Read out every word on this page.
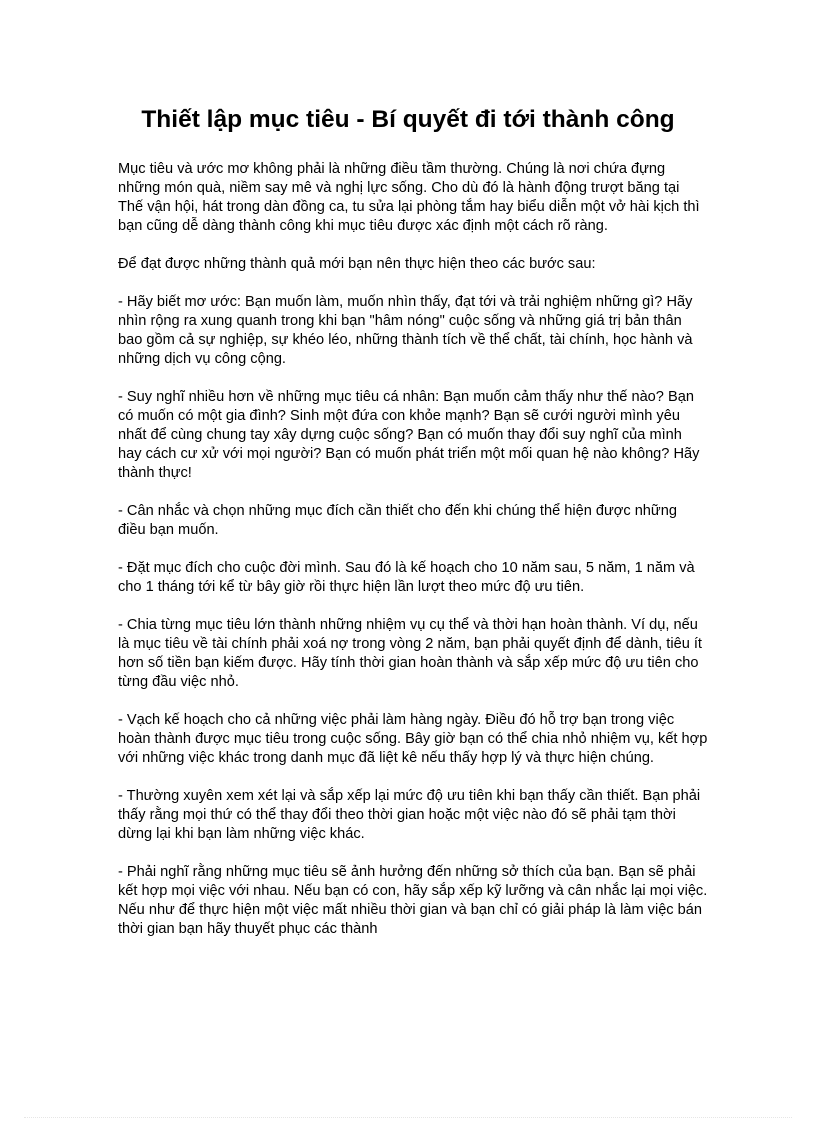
Thiết lập mục tiêu - Bí quyết đi tới thành công

Mục tiêu và ước mơ không phải là những điều tầm thường. Chúng là nơi chứa đựng những món quà, niềm say mê và nghị lực sống. Cho dù đó là hành động trượt băng tại Thế vận hội, hát trong dàn đồng ca, tu sửa lại phòng tắm hay biểu diễn một vở hài kịch thì bạn cũng dễ dàng thành công khi mục tiêu được xác định một cách rõ ràng.

Để đạt được những thành quả mới bạn nên thực hiện theo các bước sau:

- Hãy biết mơ ước: Bạn muốn làm, muốn nhìn thấy, đạt tới và trải nghiệm những gì? Hãy nhìn rộng ra xung quanh trong khi bạn "hâm nóng" cuộc sống và những giá trị bản thân bao gồm cả sự nghiệp, sự khéo léo, những thành tích về thể chất, tài chính, học hành và những dịch vụ công cộng.

- Suy nghĩ nhiều hơn về những mục tiêu cá nhân: Bạn muốn cảm thấy như thế nào? Bạn có muốn có một gia đình? Sinh một đứa con khỏe mạnh? Bạn sẽ cưới người mình yêu nhất để cùng chung tay xây dựng cuộc sống? Bạn có muốn thay đổi suy nghĩ của mình hay cách cư xử với mọi người? Bạn có muốn phát triển một mối quan hệ nào không? Hãy thành thực!

- Cân nhắc và chọn những mục đích cần thiết cho đến khi chúng thể hiện được những điều bạn muốn.

- Đặt mục đích cho cuộc đời mình. Sau đó là kế hoạch cho 10 năm sau, 5 năm, 1 năm và cho 1 tháng tới kể từ bây giờ rồi thực hiện lần lượt theo mức độ ưu tiên.

- Chia từng mục tiêu lớn thành những nhiệm vụ cụ thể và thời hạn hoàn thành. Ví dụ, nếu là mục tiêu về tài chính phải xoá nợ trong vòng 2 năm, bạn phải quyết định để dành, tiêu ít hơn số tiền bạn kiếm được. Hãy tính thời gian hoàn thành và sắp xếp mức độ ưu tiên cho từng đầu việc nhỏ.

- Vạch kế hoạch cho cả những việc phải làm hàng ngày. Điều đó hỗ trợ bạn trong việc hoàn thành được mục tiêu trong cuộc sống. Bây giờ bạn có thể chia nhỏ nhiệm vụ, kết hợp với những việc khác trong danh mục đã liệt kê nếu thấy hợp lý và thực hiện chúng.

- Thường xuyên xem xét lại và sắp xếp lại mức độ ưu tiên khi bạn thấy cần thiết. Bạn phải thấy rằng mọi thứ có thể thay đổi theo thời gian hoặc một việc nào đó sẽ phải tạm thời dừng lại khi bạn làm những việc khác.

- Phải nghĩ rằng những mục tiêu sẽ ảnh hưởng đến những sở thích của bạn. Bạn sẽ phải kết hợp mọi việc với nhau. Nếu bạn có con, hãy sắp xếp kỹ lưỡng và cân nhắc lại mọi việc. Nếu như để thực hiện một việc mất nhiều thời gian và bạn chỉ có giải pháp là làm việc bán thời gian bạn hãy thuyết phục các thành
